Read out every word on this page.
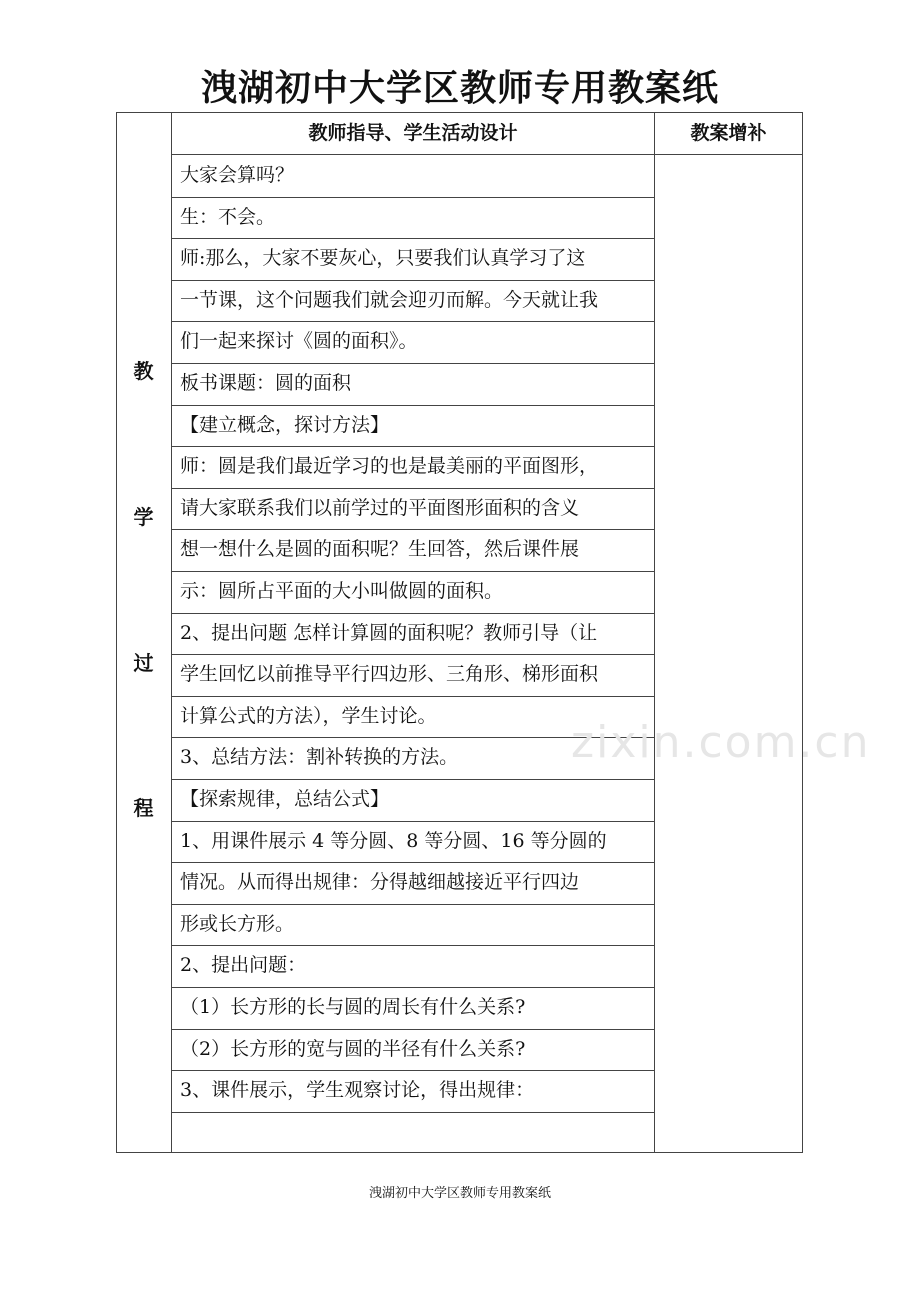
洩湖初中大学区教师专用教案纸
教师指导、学生活动设计	教案增补
教
学
过
程
大家会算吗？
生：不会。
师:那么，大家不要灰心，只要我们认真学习了这
一节课，这个问题我们就会迎刃而解。今天就让我
们一起来探讨《圆的面积》。
板书课题：圆的面积
【建立概念，探讨方法】
师：圆是我们最近学习的也是最美丽的平面图形，
请大家联系我们以前学过的平面图形面积的含义
想一想什么是圆的面积呢？生回答，然后课件展
示：圆所占平面的大小叫做圆的面积。
2、提出问题 怎样计算圆的面积呢？教师引导（让
学生回忆以前推导平行四边形、三角形、梯形面积
计算公式的方法），学生讨论。
3、总结方法：割补转换的方法。
【探索规律，总结公式】
1、用课件展示 4 等分圆、8 等分圆、16 等分圆的
情况。从而得出规律：分得越细越接近平行四边
形或长方形。
2、提出问题：
（1）长方形的长与圆的周长有什么关系?
（2）长方形的宽与圆的半径有什么关系?
3、课件展示，学生观察讨论，得出规律：
zixin.com.cn
洩湖初中大学区教师专用教案纸
